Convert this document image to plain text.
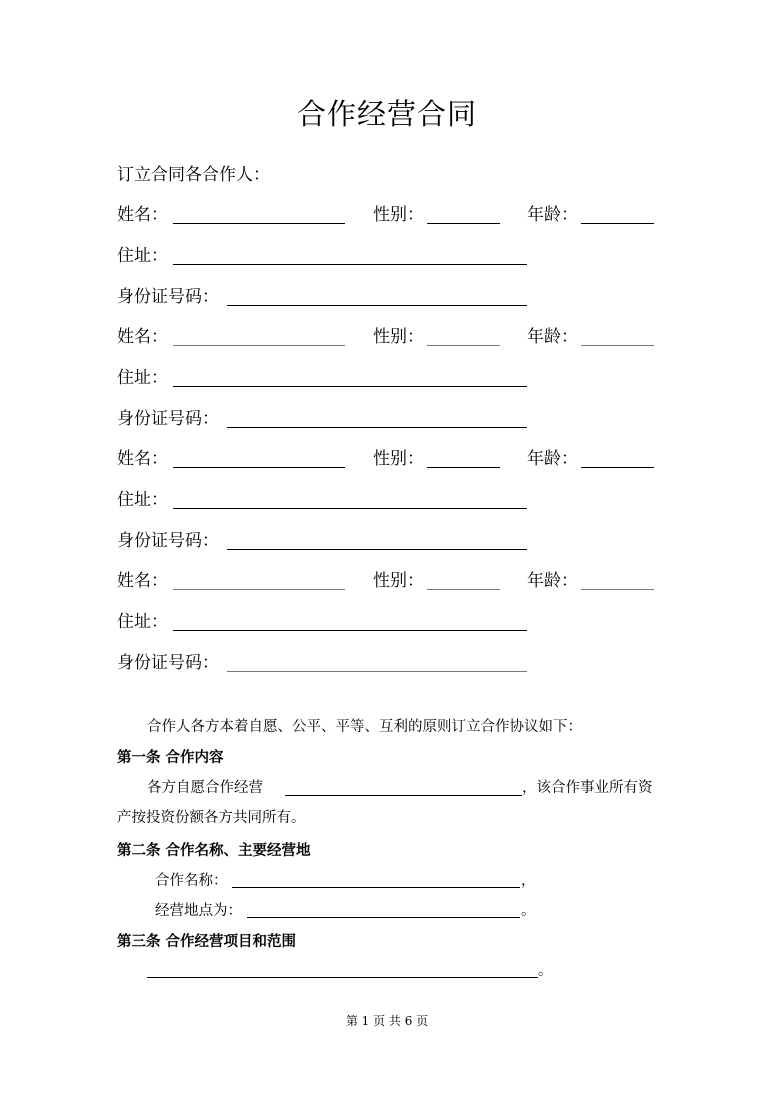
合作经营合同
订立合同各合作人：
姓名：	性别：	年龄：
住址：
身份证号码：
姓名：	性别：	年龄：
住址：
身份证号码：
姓名：	性别：	年龄：
住址：
身份证号码：
姓名：	性别：	年龄：
住址：
身份证号码：
合作人各方本着自愿、公平、平等、互利的原则订立合作协议如下：
第一条 合作内容
各方自愿合作经营	，该合作事业所有资
产按投资份额各方共同所有。
第二条 合作名称、主要经营地
合作名称：	，
经营地点为：	。
第三条 合作经营项目和范围
。
第 1 页 共 6 页
